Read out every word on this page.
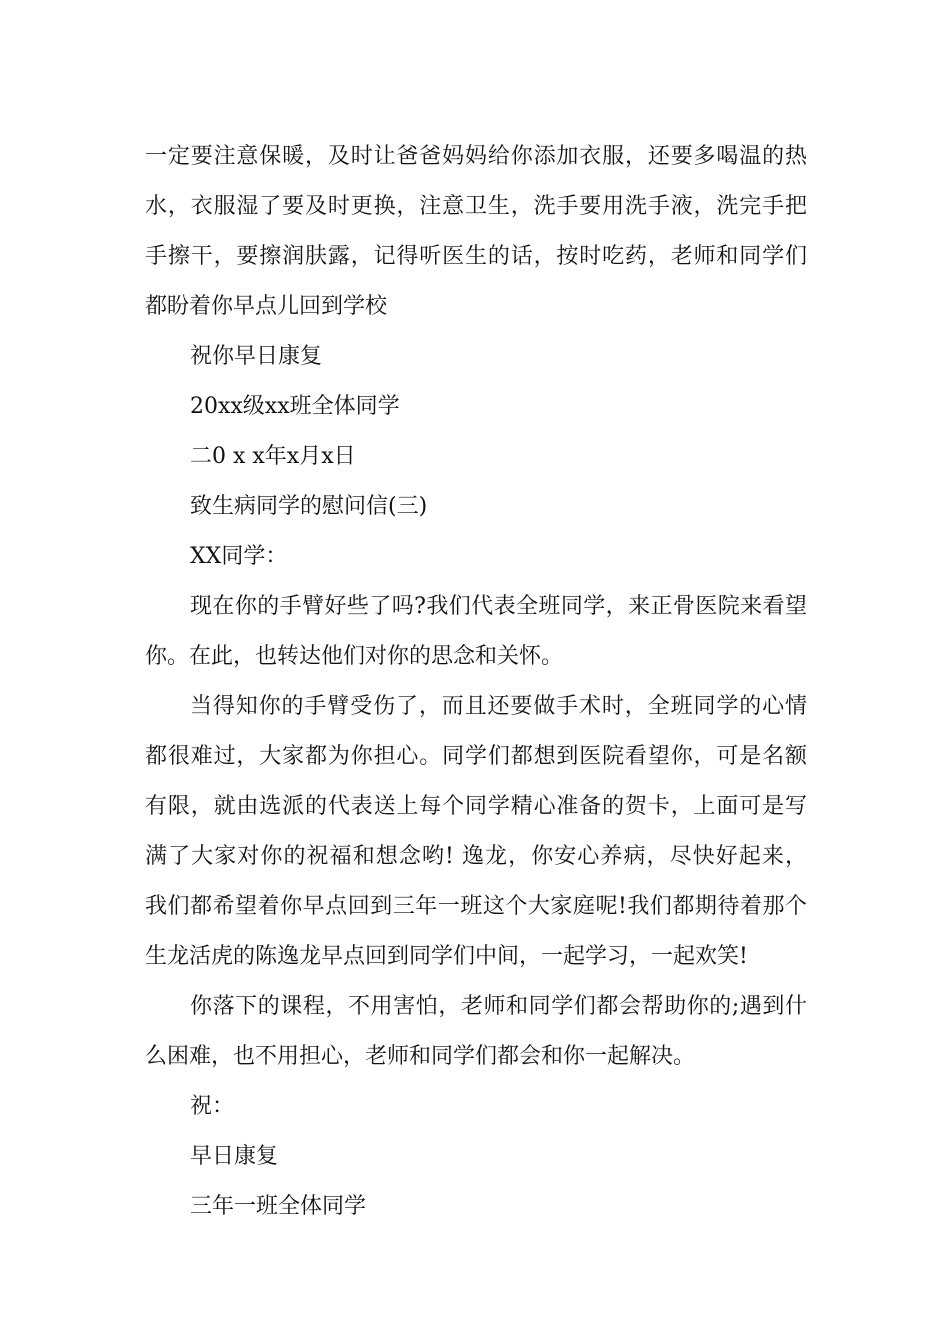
一定要注意保暖，及时让爸爸妈妈给你添加衣服，还要多喝温的热
水，衣服湿了要及时更换，注意卫生，洗手要用洗手液，洗完手把
手擦干，要擦润肤露，记得听医生的话，按时吃药，老师和同学们
都盼着你早点儿回到学校
祝你早日康复
20xx级xx班全体同学
二0 x x年x月x日
致生病同学的慰问信(三)
XX同学：
现在你的手臂好些了吗?我们代表全班同学，来正骨医院来看望
你。在此，也转达他们对你的思念和关怀。
当得知你的手臂受伤了，而且还要做手术时，全班同学的心情
都很难过，大家都为你担心。同学们都想到医院看望你，可是名额
有限，就由选派的代表送上每个同学精心准备的贺卡，上面可是写
满了大家对你的祝福和想念哟! 逸龙，你安心养病，尽快好起来，
我们都希望着你早点回到三年一班这个大家庭呢!我们都期待着那个
生龙活虎的陈逸龙早点回到同学们中间，一起学习，一起欢笑!
你落下的课程，不用害怕，老师和同学们都会帮助你的;遇到什
么困难，也不用担心，老师和同学们都会和你一起解决。
祝：
早日康复
三年一班全体同学
